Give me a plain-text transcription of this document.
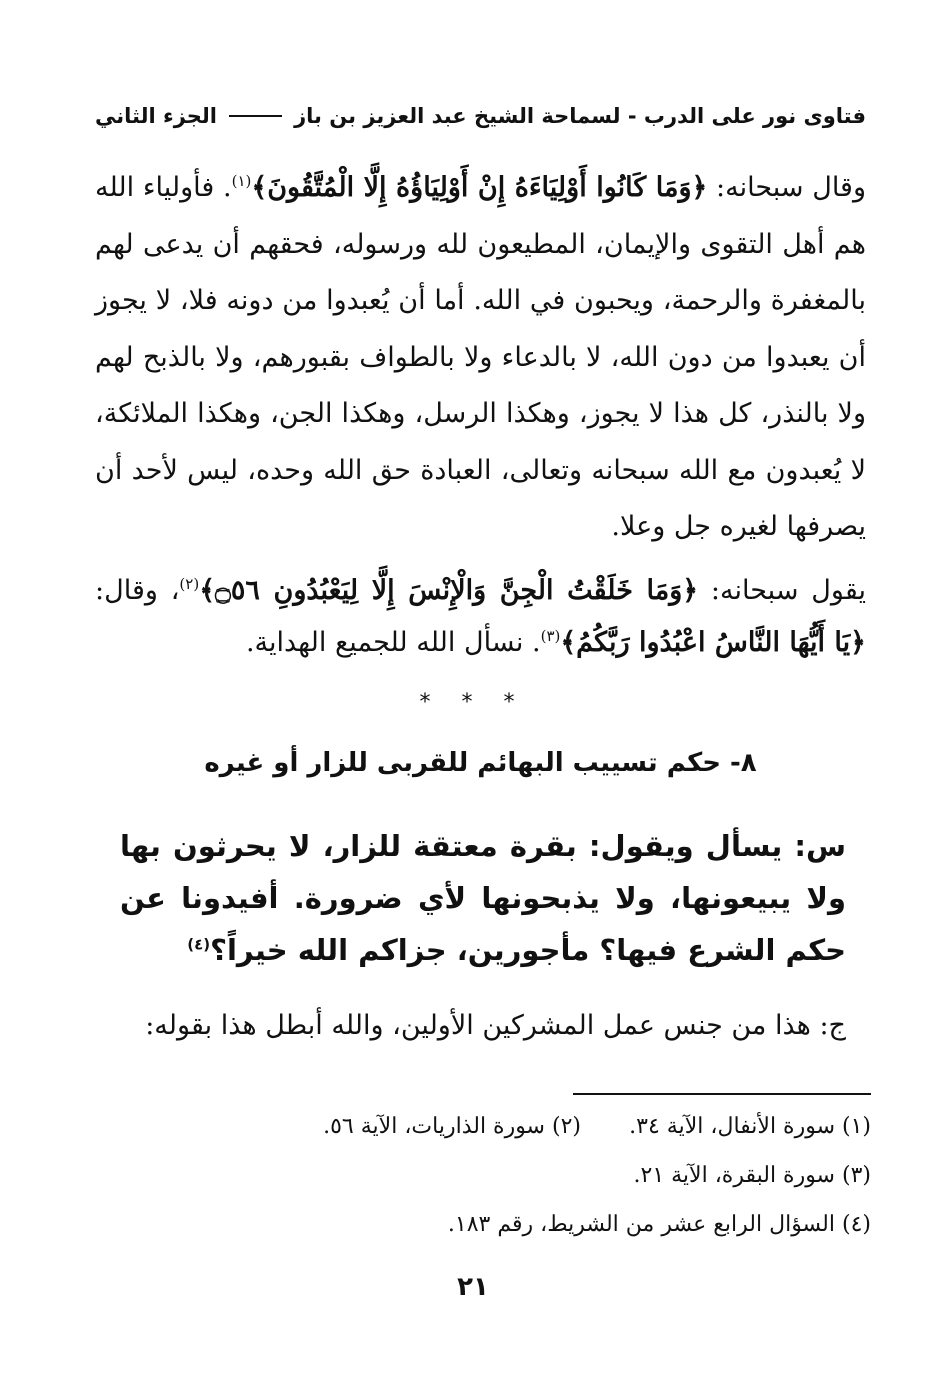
فتاوى نور على الدرب - لسماحة الشيخ عبد العزيز بن باز
الجزء الثاني
وقال سبحانه: ﴿وَمَا كَانُوا أَوْلِيَاءَهُ إِنْ أَوْلِيَاؤُهُ إِلَّا الْمُتَّقُونَ﴾$^{(١)}$. فأولياء الله هم أهل التقوى والإيمان، المطيعون لله ورسوله، فحقهم أن يدعى لهم بالمغفرة والرحمة، ويحبون في الله. أما أن يُعبدوا من دونه فلا، لا يجوز أن يعبدوا من دون الله، لا بالدعاء ولا بالطواف بقبورهم، ولا بالذبح لهم ولا بالنذر، كل هذا لا يجوز، وهكذا الرسل، وهكذا الجن، وهكذا الملائكة، لا يُعبدون مع الله سبحانه وتعالى، العبادة حق الله وحده، ليس لأحد أن يصرفها لغيره جل وعلا.
يقول سبحانه: ﴿وَمَا خَلَقْتُ الْجِنَّ وَالْإِنْسَ إِلَّا لِيَعْبُدُونِ ۝٥٦﴾$^{(٢)}$، وقال: ﴿يَا أَيُّهَا النَّاسُ اعْبُدُوا رَبَّكُمُ﴾$^{(٣)}$. نسأل الله للجميع الهداية.
* * *
٨- حكم تسييب البهائم للقربى للزار أو غيره
س: يسأل ويقول: بقرة معتقة للزار، لا يحرثون بها ولا يبيعونها، ولا يذبحونها لأي ضرورة. أفيدونا عن حكم الشرع فيها؟ مأجورين، جزاكم الله خيراً؟$^{(٤)}$
ج: هذا من جنس عمل المشركين الأولين، والله أبطل هذا بقوله:
(١) سورة الأنفال، الآية ٣٤.
(٢) سورة الذاريات، الآية ٥٦.
(٣) سورة البقرة، الآية ٢١.
(٤) السؤال الرابع عشر من الشريط، رقم ١٨٣.
٢١
